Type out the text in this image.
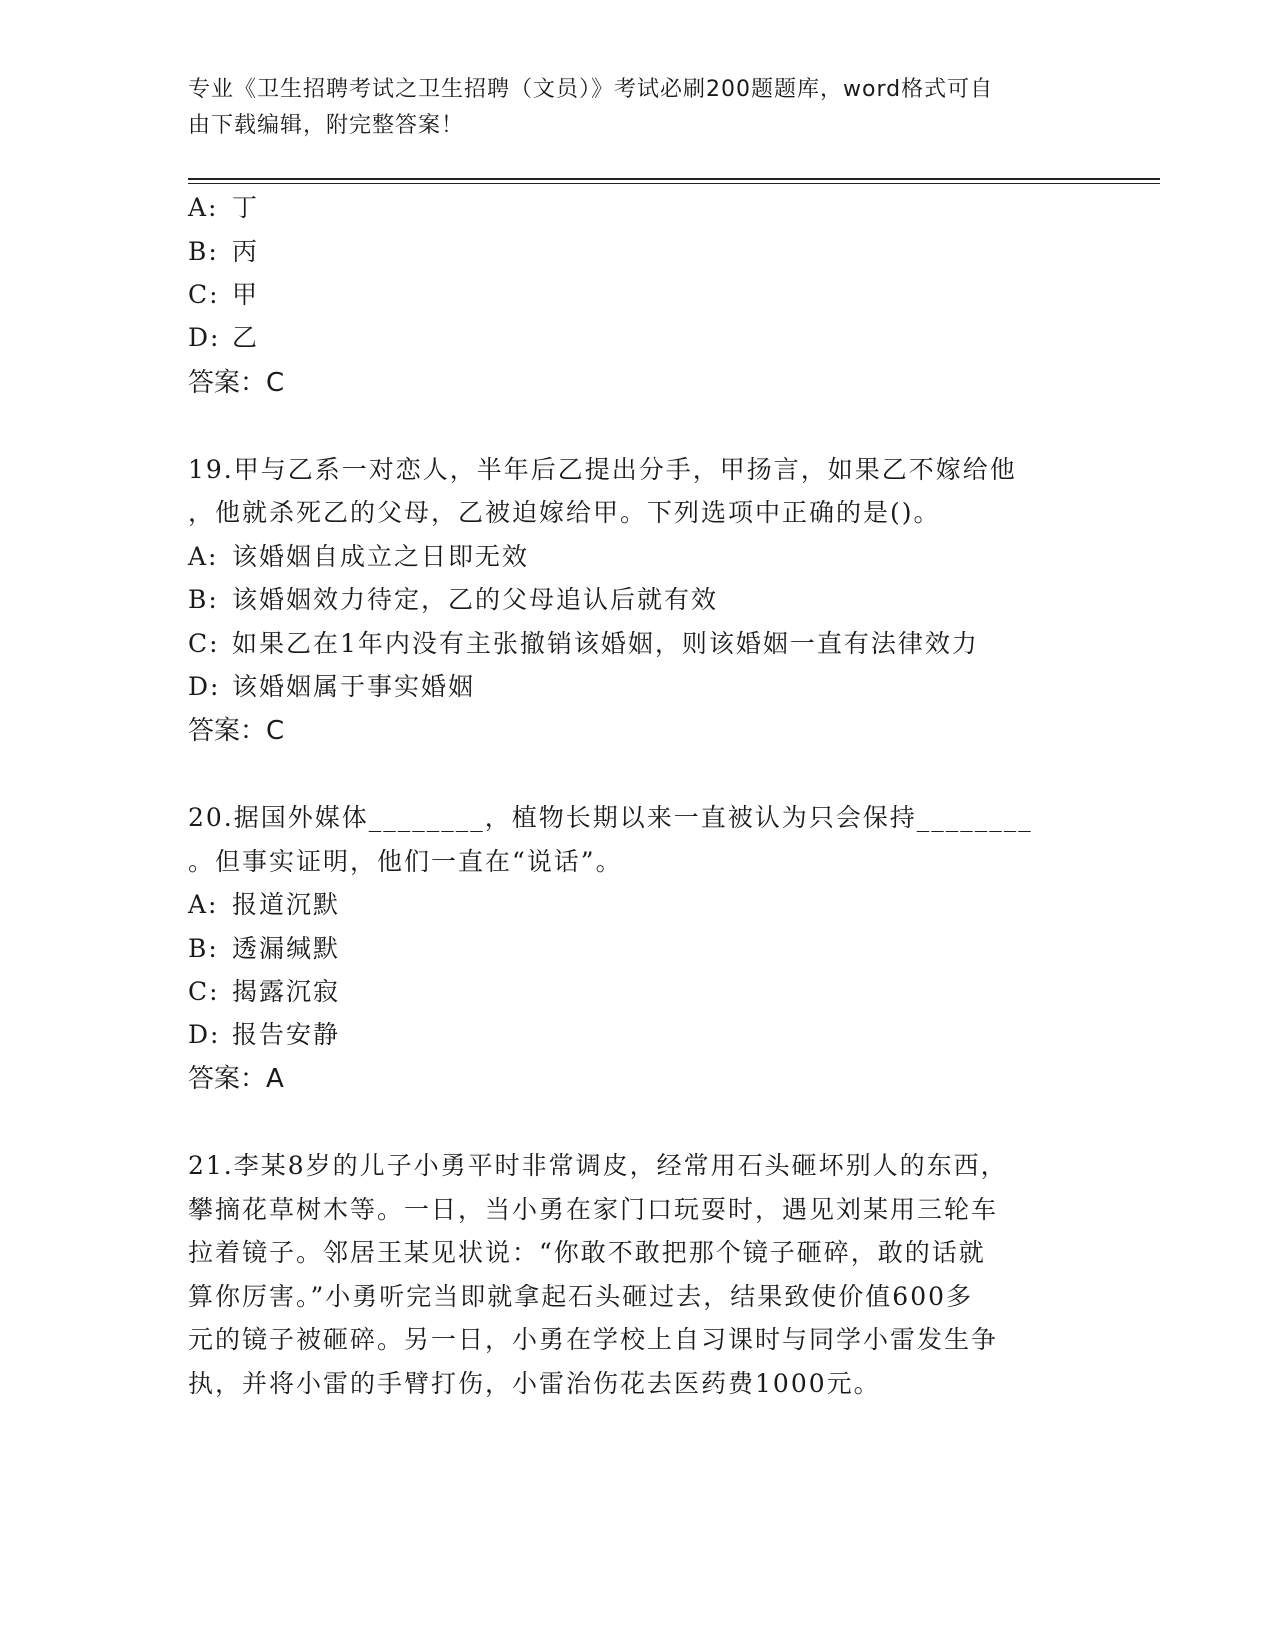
专业《卫生招聘考试之卫生招聘（文员）》考试必刷200题题库，word格式可自
由下载编辑，附完整答案！
A: 丁
B: 丙
C: 甲
D: 乙
答案：C
19.甲与乙系一对恋人，半年后乙提出分手，甲扬言，如果乙不嫁给他
，他就杀死乙的父母，乙被迫嫁给甲。下列选项中正确的是()。
A: 该婚姻自成立之日即无效
B: 该婚姻效力待定，乙的父母追认后就有效
C: 如果乙在1年内没有主张撤销该婚姻，则该婚姻一直有法律效力
D: 该婚姻属于事实婚姻
答案：C
20.据国外媒体________，植物长期以来一直被认为只会保持________
。但事实证明，他们一直在“说话”。
A: 报道沉默
B: 透漏缄默
C: 揭露沉寂
D: 报告安静
答案：A
21.李某8岁的儿子小勇平时非常调皮，经常用石头砸坏别人的东西，
攀摘花草树木等。一日，当小勇在家门口玩耍时，遇见刘某用三轮车
拉着镜子。邻居王某见状说：“你敢不敢把那个镜子砸碎，敢的话就
算你厉害。”小勇听完当即就拿起石头砸过去，结果致使价值600多
元的镜子被砸碎。另一日，小勇在学校上自习课时与同学小雷发生争
执，并将小雷的手臂打伤，小雷治伤花去医药费1000元。
